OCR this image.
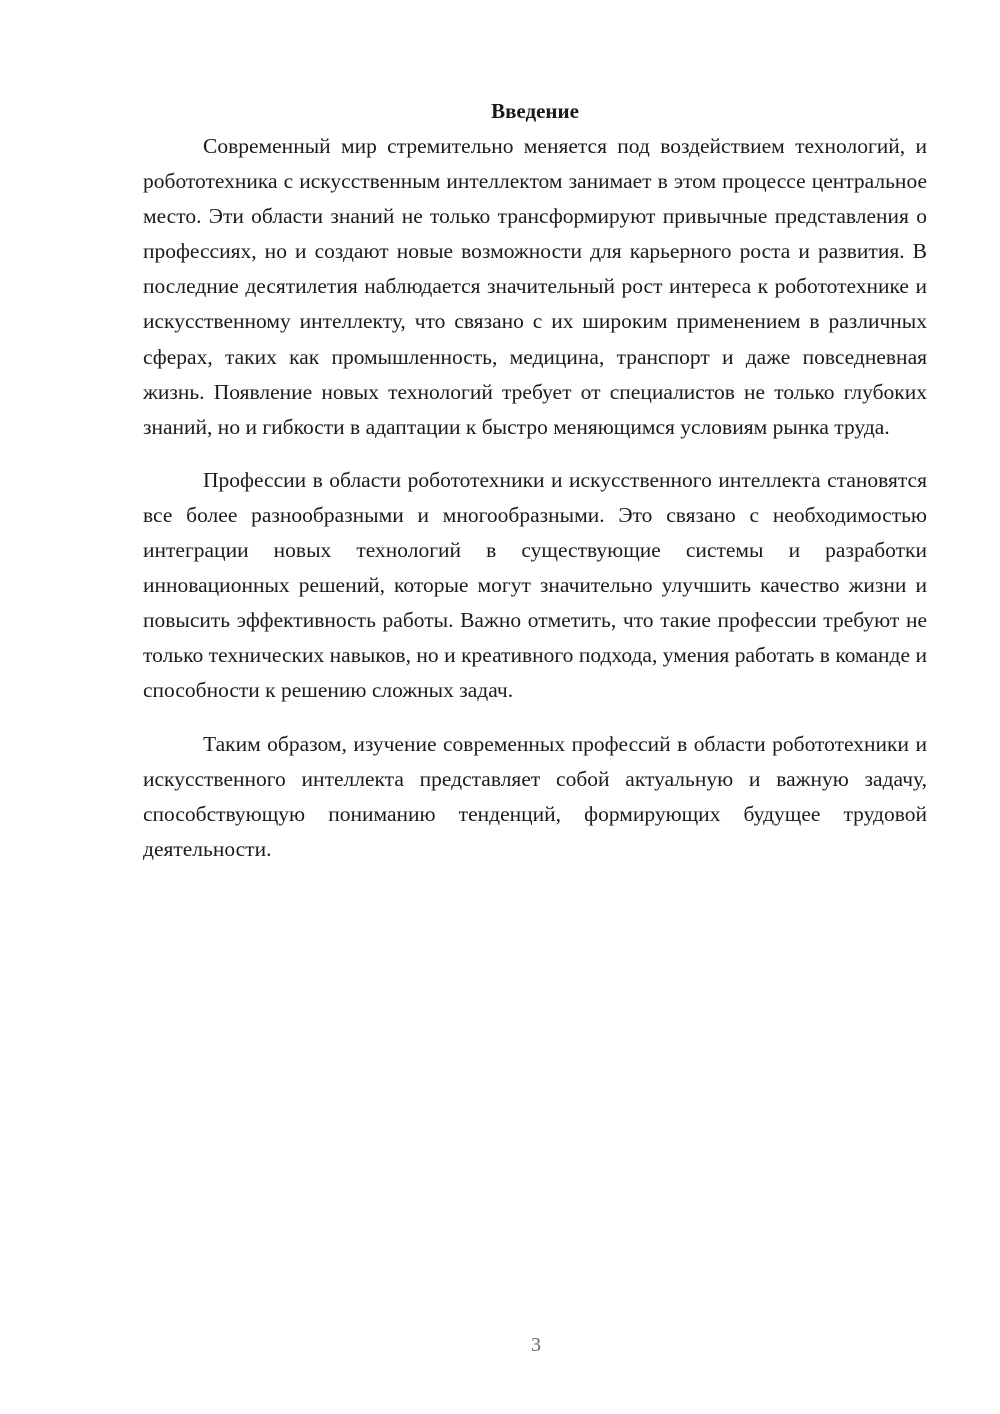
Введение

Современный мир стремительно меняется под воздействием технологий, и робототехника с искусственным интеллектом занимает в этом процессе центральное место. Эти области знаний не только трансформируют привычные представления о профессиях, но и создают новые возможности для карьерного роста и развития. В последние десятилетия наблюдается значительный рост интереса к робототехнике и искусственному интеллекту, что связано с их широким применением в различных сферах, таких как промышленность, медицина, транспорт и даже повседневная жизнь. Появление новых технологий требует от специалистов не только глубоких знаний, но и гибкости в адаптации к быстро меняющимся условиям рынка труда.

Профессии в области робототехники и искусственного интеллекта становятся все более разнообразными и многообразными. Это связано с необходимостью интеграции новых технологий в существующие системы и разработки инновационных решений, которые могут значительно улучшить качество жизни и повысить эффективность работы. Важно отметить, что такие профессии требуют не только технических навыков, но и креативного подхода, умения работать в команде и способности к решению сложных задач.

Таким образом, изучение современных профессий в области робототехники и искусственного интеллекта представляет собой актуальную и важную задачу, способствующую пониманию тенденций, формирующих будущее трудовой деятельности.

3
